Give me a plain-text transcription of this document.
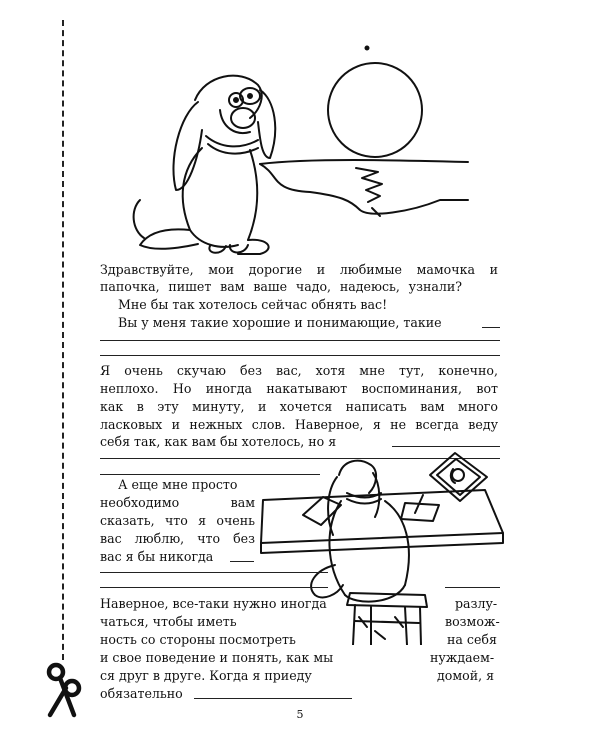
Здравствуйте, мои дорогие и любимые мамочка и
папочка, пишет вам ваше чадо, надеюсь, узнали?
Мне бы так хотелось сейчас обнять вас!
Вы у меня такие хорошие и понимающие, такие
Я очень скучаю без вас, хотя мне тут, конечно,
неплохо. Но иногда накатывают воспоминания, вот
как в эту минуту, и хочется написать вам много
ласковых и нежных слов. Наверное, я не всегда веду
себя так, как вам бы хотелось, но я
А еще мне просто
необходимо вам
сказать, что я очень
вас люблю, что без
вас я бы никогда
Наверное, все-таки нужно иногда	разлу-
чаться, чтобы иметь	возмож-
ность со стороны посмотреть	на себя
и свое поведение и понять, как мы	нуждаем-
ся друг в друге. Когда я приеду	домой, я
обязательно
5
